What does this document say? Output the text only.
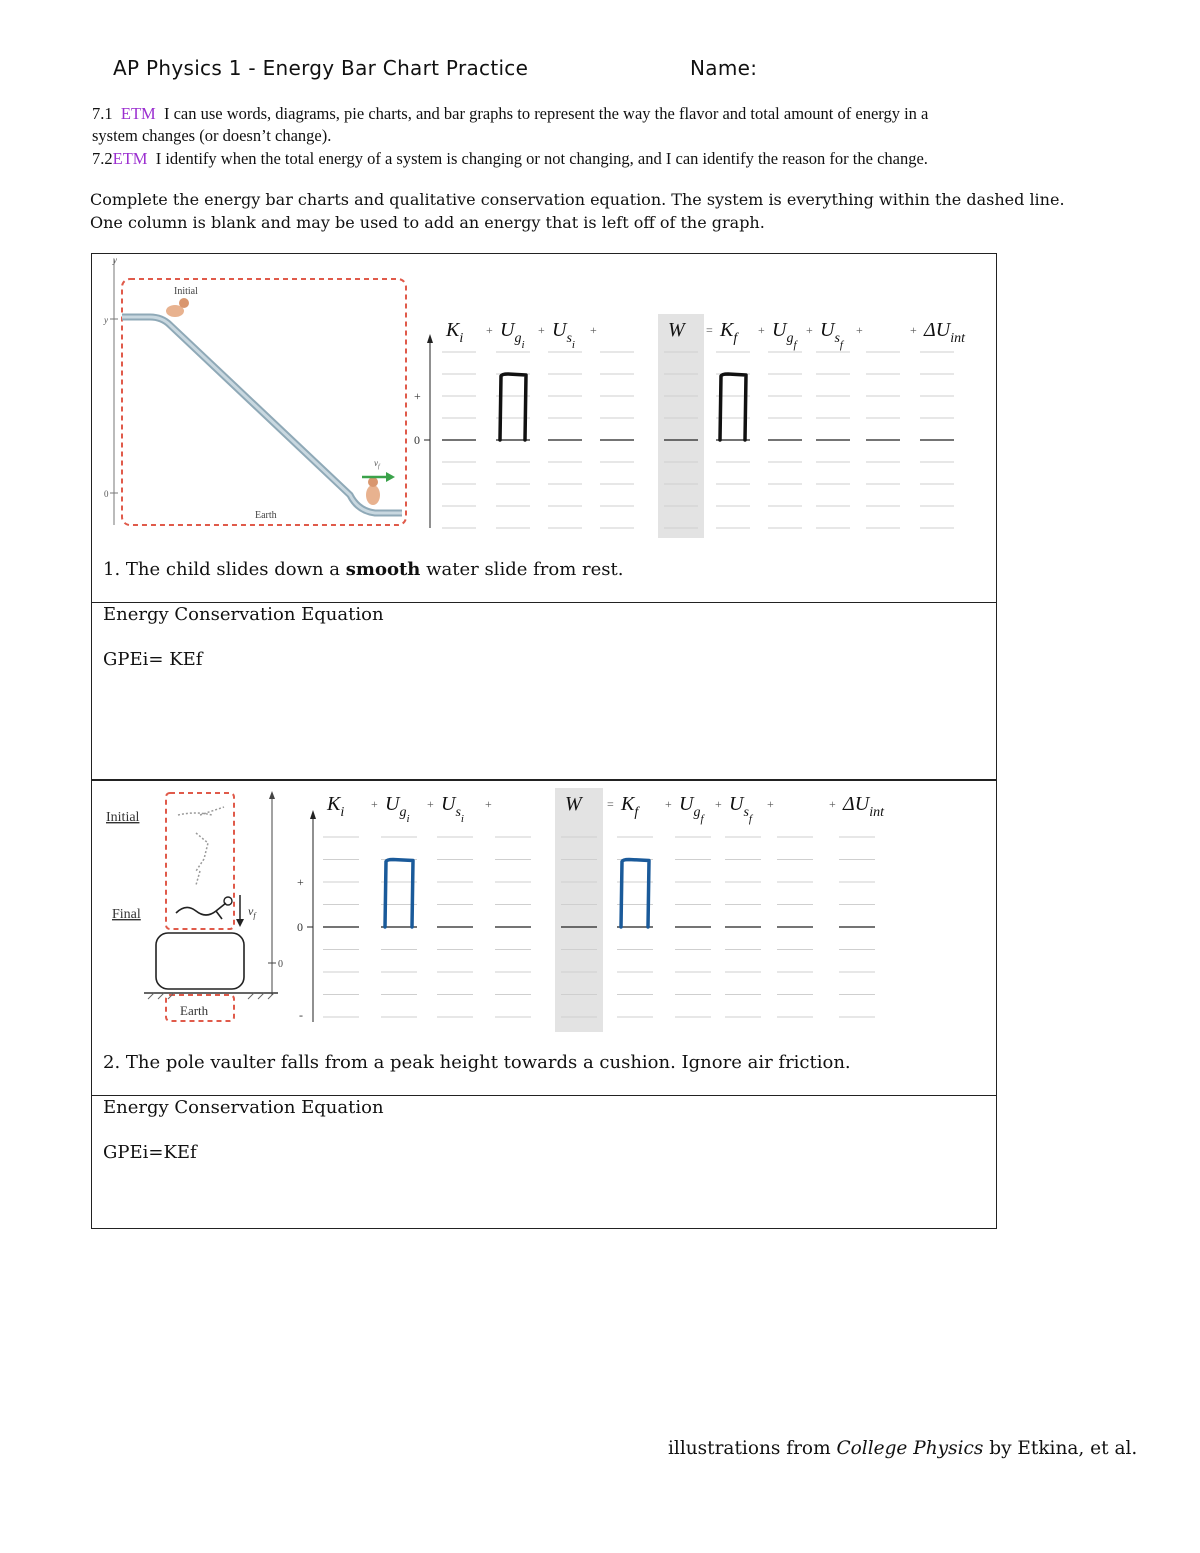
AP Physics 1 - Energy Bar Chart Practice	Name:
7.1 ETM I can use words, diagrams, pie charts, and bar graphs to represent the way the flavor and total amount of energy in a
system changes (or doesn’t change).
7.2ETM I identify when the total energy of a system is changing or not changing, and I can identify the reason for the change.
Complete the energy bar charts and qualitative conservation equation. The system is everything within the dashed line.
One column is blank and may be used to add an energy that is left off of the graph.
y
y
0
Initial
$v_f$
Earth
+
0
$K_i$ $U_{gi}$
$U_{si}$
W $K_f$ $U_{gf}$
$U_{sf}$
$\Delta U_{int}$
+	+	+	=	+	+	+	+
1. The child slides down a smooth water slide from rest.
Energy Conservation Equation
GPEi= KEf
Initial
Final	$v_f$
0
Earth
+
0
-
$K_i$ $U_{gi}$
$U_{si}$
W $K_f$ $U_{gf}$
$U_{sf}$
$\Delta U_{int}$
+	+	+	=	+	+	+	+
2. The pole vaulter falls from a peak height towards a cushion. Ignore air friction.
Energy Conservation Equation
GPEi=KEf
illustrations from College Physics by Etkina, et al.
